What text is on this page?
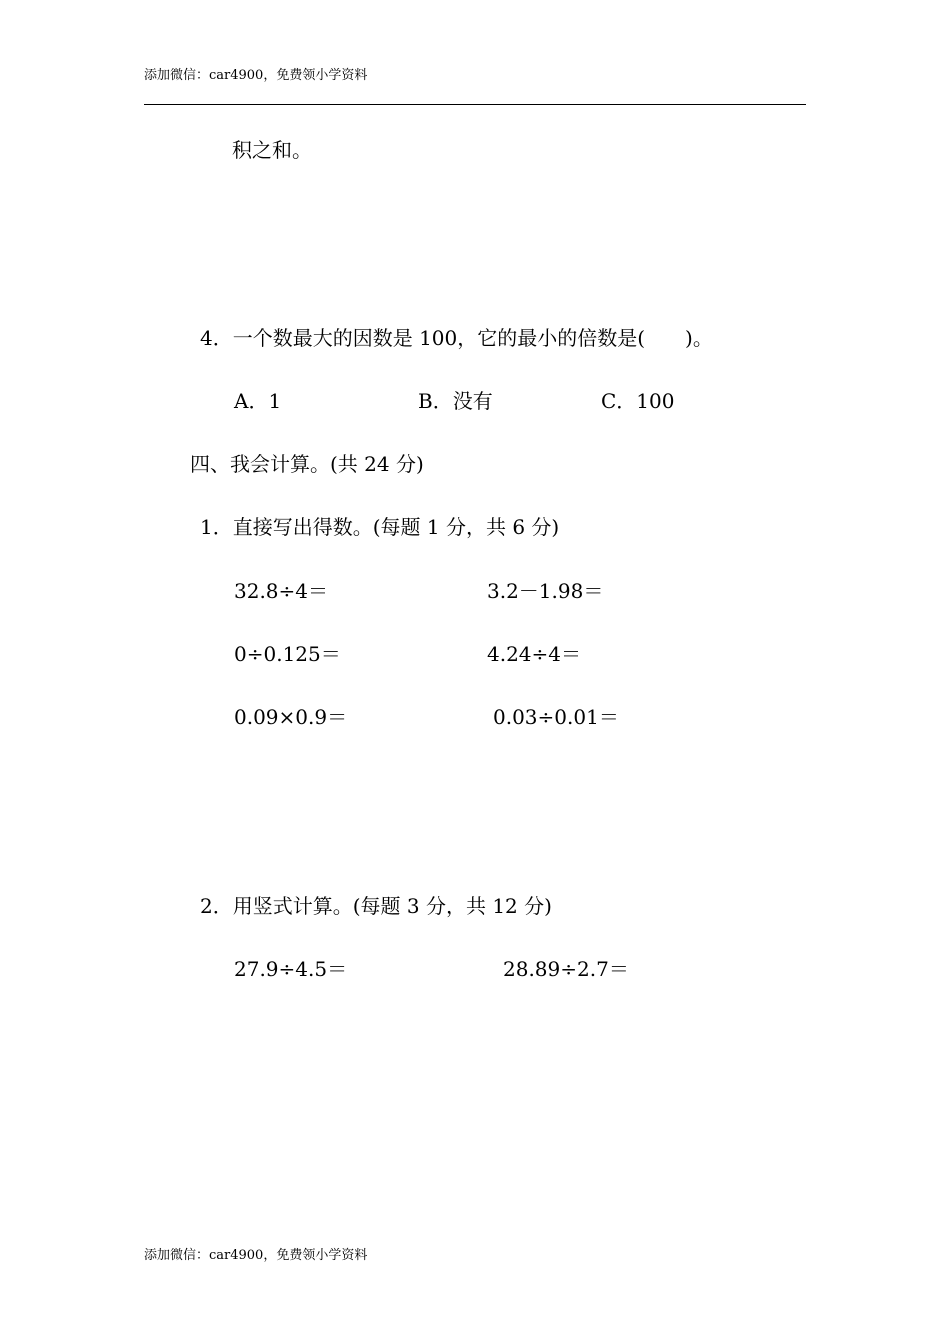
添加微信：car4900，免费领小学资料
积之和。
4．一个数最大的因数是 100，它的最小的倍数是(　　)。
A．1	B．没有	C．100
四、我会计算。(共 24 分)
1．直接写出得数。(每题 1 分，共 6 分)
32.8÷4＝	3.2－1.98＝
0÷0.125＝	4.24÷4＝
0.09×0.9＝	0.03÷0.01＝
2．用竖式计算。(每题 3 分，共 12 分)
27.9÷4.5＝	28.89÷2.7＝
添加微信：car4900，免费领小学资料
